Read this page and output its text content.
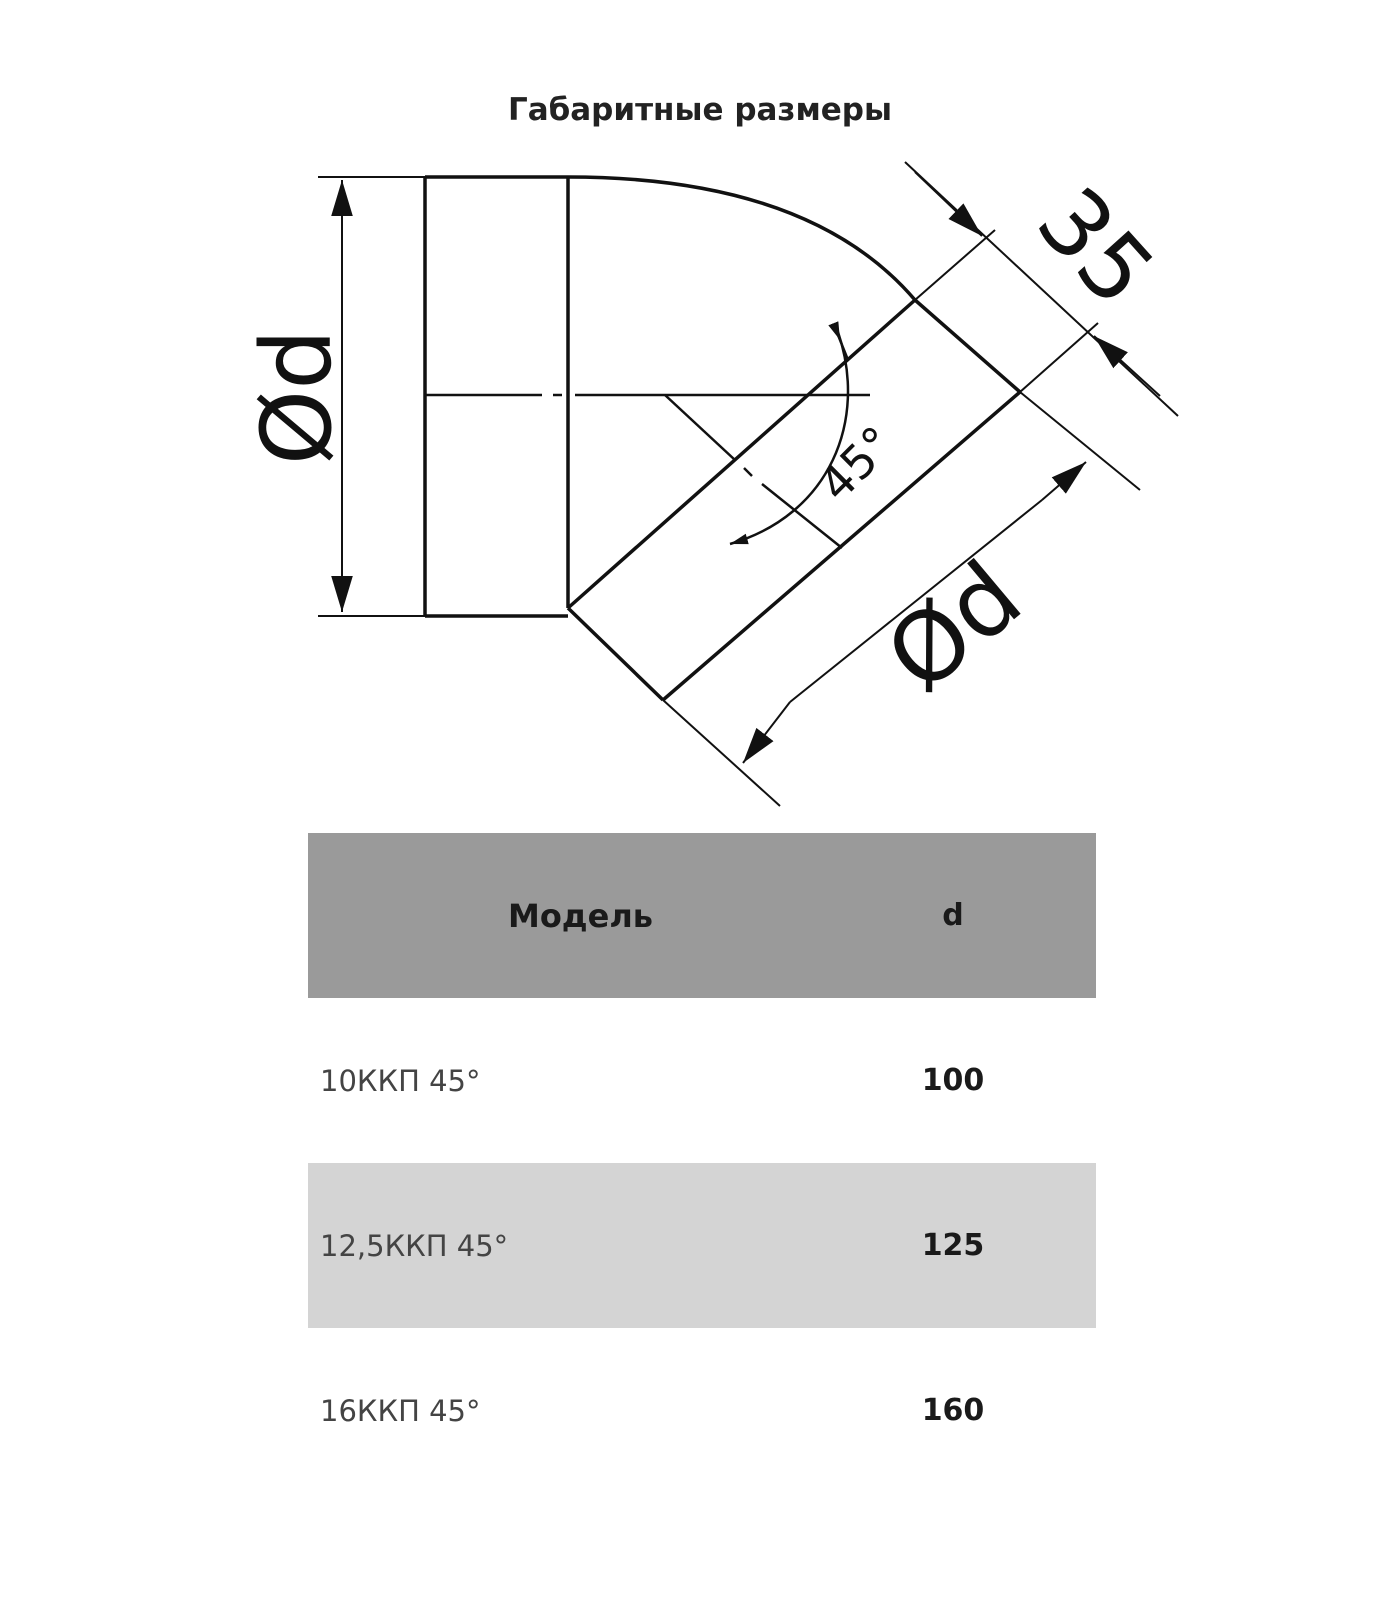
Габаритные размеры
Ød
Ød
35
45°
Модель	d
10ККП 45°	100
12,5ККП 45°	125
16ККП 45°	160
